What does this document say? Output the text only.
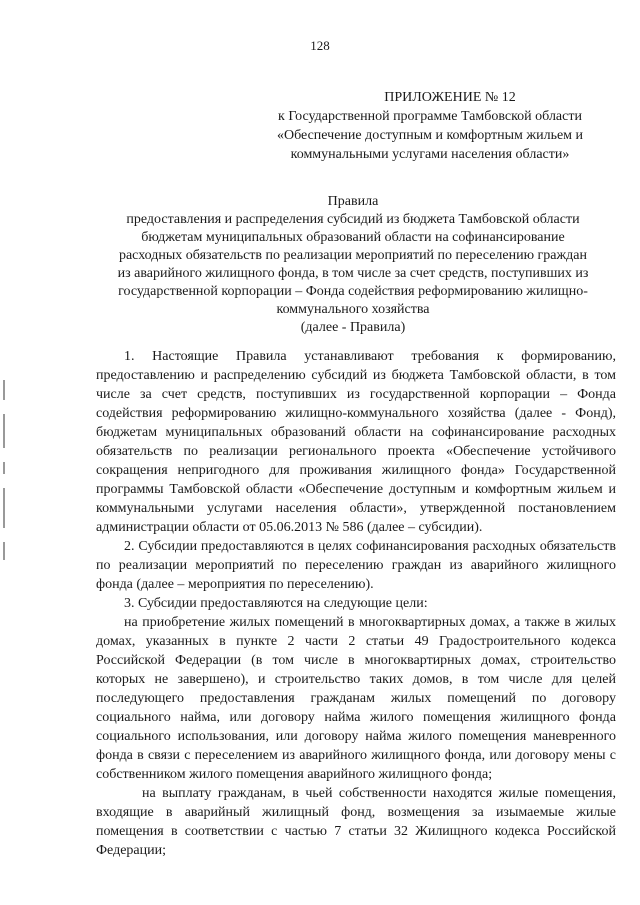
128
ПРИЛОЖЕНИЕ № 12
к Государственной программе Тамбовской области
«Обеспечение доступным и комфортным жильем и
коммунальными услугами населения области»
Правила
предоставления и распределения субсидий из бюджета Тамбовской области
бюджетам муниципальных образований области на софинансирование
расходных обязательств по реализации мероприятий по переселению граждан
из аварийного жилищного фонда, в том числе за счет средств, поступивших из
государственной корпорации – Фонда содействия реформированию жилищно-
коммунального хозяйства
(далее - Правила)

1. Настоящие Правила устанавливают требования к формированию, предоставлению и распределению субсидий из бюджета Тамбовской области, в том числе за счет средств, поступивших из государственной корпорации – Фонда содействия реформированию жилищно-коммунального хозяйства (далее - Фонд), бюджетам муниципальных образований области на софинансирование расходных обязательств по реализации регионального проекта «Обеспечение устойчивого сокращения непригодного для проживания жилищного фонда» Государственной программы Тамбовской области «Обеспечение доступным и комфортным жильем и коммунальными услугами населения области», утвержденной постановлением администрации области от 05.06.2013 № 586 (далее – субсидии).

2. Субсидии предоставляются в целях софинансирования расходных обязательств по реализации мероприятий по переселению граждан из аварийного жилищного фонда (далее – мероприятия по переселению).

3. Субсидии предоставляются на следующие цели:

на приобретение жилых помещений в многоквартирных домах, а также в жилых домах, указанных в пункте 2 части 2 статьи 49 Градостроительного кодекса Российской Федерации (в том числе в многоквартирных домах, строительство которых не завершено), и строительство таких домов, в том числе для целей последующего предоставления гражданам жилых помещений по договору социального найма, или договору найма жилого помещения жилищного фонда социального использования, или договору найма жилого помещения маневренного фонда в связи с переселением из аварийного жилищного фонда, или договору мены с собственником жилого помещения аварийного жилищного фонда;

на выплату гражданам, в чьей собственности находятся жилые помещения, входящие в аварийный жилищный фонд, возмещения за изымаемые жилые помещения в соответствии с частью 7 статьи 32 Жилищного кодекса Российской Федерации;
